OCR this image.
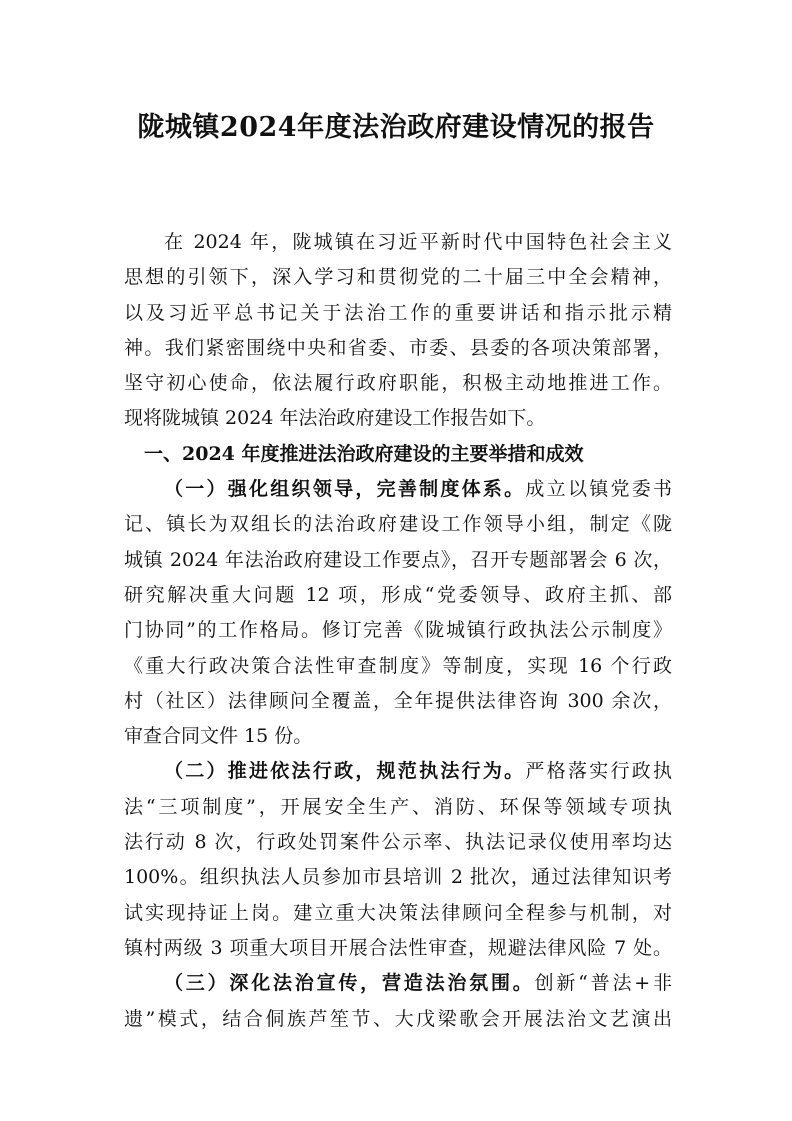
陇城镇2024年度法治政府建设情况的报告
在 2024 年，陇城镇在习近平新时代中国特色社会主义
思想的引领下，深入学习和贯彻党的二十届三中全会精神，
以及习近平总书记关于法治工作的重要讲话和指示批示精
神。我们紧密围绕中央和省委、市委、县委的各项决策部署，
坚守初心使命，依法履行政府职能，积极主动地推进工作。
现将陇城镇 2024 年法治政府建设工作报告如下。
一、2024 年度推进法治政府建设的主要举措和成效
（一）强化组织领导，完善制度体系。成立以镇党委书
记、镇长为双组长的法治政府建设工作领导小组，制定《陇
城镇 2024 年法治政府建设工作要点》，召开专题部署会 6 次，
研究解决重大问题 12 项，形成“党委领导、政府主抓、部
门协同”的工作格局。修订完善《陇城镇行政执法公示制度》
《重大行政决策合法性审查制度》等制度，实现 16 个行政
村（社区）法律顾问全覆盖，全年提供法律咨询 300 余次，
审查合同文件 15 份。
（二）推进依法行政，规范执法行为。严格落实行政执
法“三项制度”，开展安全生产、消防、环保等领域专项执
法行动 8 次，行政处罚案件公示率、执法记录仪使用率均达
100%。组织执法人员参加市县培训 2 批次，通过法律知识考
试实现持证上岗。建立重大决策法律顾问全程参与机制，对
镇村两级 3 项重大项目开展合法性审查，规避法律风险 7 处。
（三）深化法治宣传，营造法治氛围。创新“普法+非
遗”模式，结合侗族芦笙节、大戊梁歌会开展法治文艺演出
